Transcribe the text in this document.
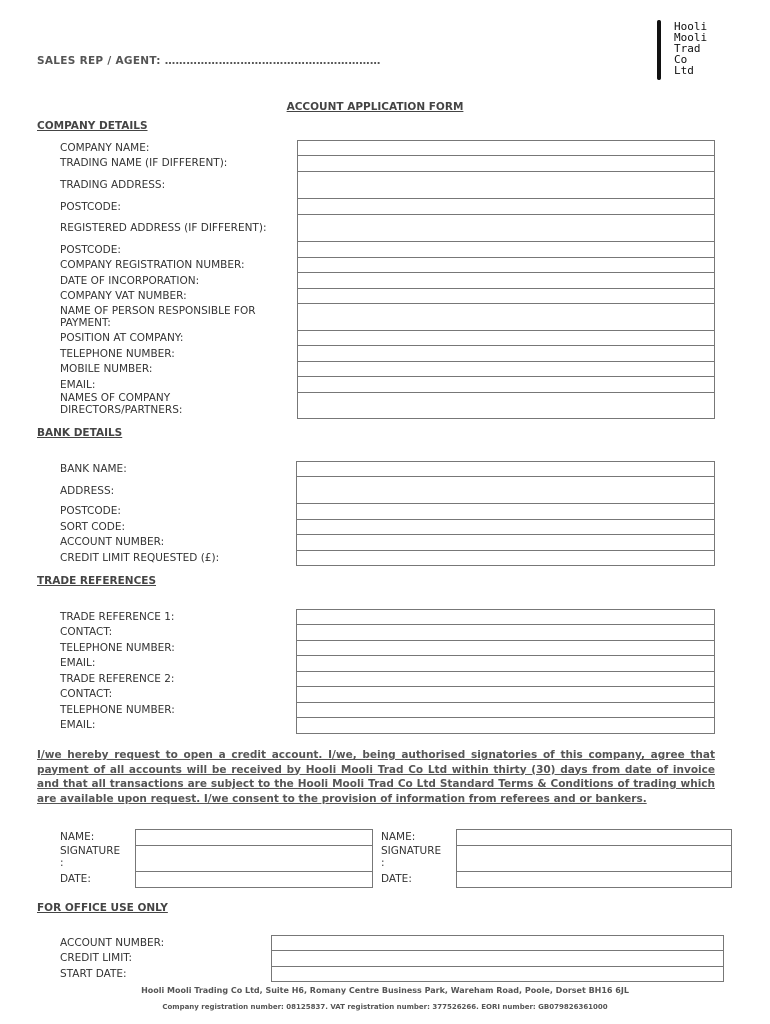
SALES REP / AGENT: ……………………………………………………
Hooli
Mooli
Trad
Co
Ltd
ACCOUNT APPLICATION FORM
COMPANY DETAILS
COMPANY NAME:
TRADING NAME (IF DIFFERENT):
TRADING ADDRESS:
POSTCODE:
REGISTERED ADDRESS (IF DIFFERENT):
POSTCODE:
COMPANY REGISTRATION NUMBER:
DATE OF INCORPORATION:
COMPANY VAT NUMBER:
NAME OF PERSON RESPONSIBLE FOR
PAYMENT:
POSITION AT COMPANY:
TELEPHONE NUMBER:
MOBILE NUMBER:
EMAIL:
NAMES OF COMPANY
DIRECTORS/PARTNERS:
BANK DETAILS
BANK NAME:
ADDRESS:
POSTCODE:
SORT CODE:
ACCOUNT NUMBER:
CREDIT LIMIT REQUESTED (£):
TRADE REFERENCES
TRADE REFERENCE 1:
CONTACT:
TELEPHONE NUMBER:
EMAIL:
TRADE REFERENCE 2:
CONTACT:
TELEPHONE NUMBER:
EMAIL:
I/we hereby request to open a credit account. I/we, being authorised signatories of this company, agree that payment of all accounts will be received by Hooli Mooli Trad Co Ltd within thirty (30) days from date of invoice and that all transactions are subject to the Hooli Mooli Trad Co Ltd Standard Terms & Conditions of trading which are available upon request. I/we consent to the provision of information from referees and or bankers.
NAME:
SIGNATURE
:
DATE:
NAME:
SIGNATURE
:
DATE:
FOR OFFICE USE ONLY
ACCOUNT NUMBER:
CREDIT LIMIT:
START DATE:
Hooli Mooli Trading Co Ltd, Suite H6, Romany Centre Business Park, Wareham Road, Poole, Dorset BH16 6JL
Company registration number: 08125837. VAT registration number: 377526266. EORI number: GB079826361000
